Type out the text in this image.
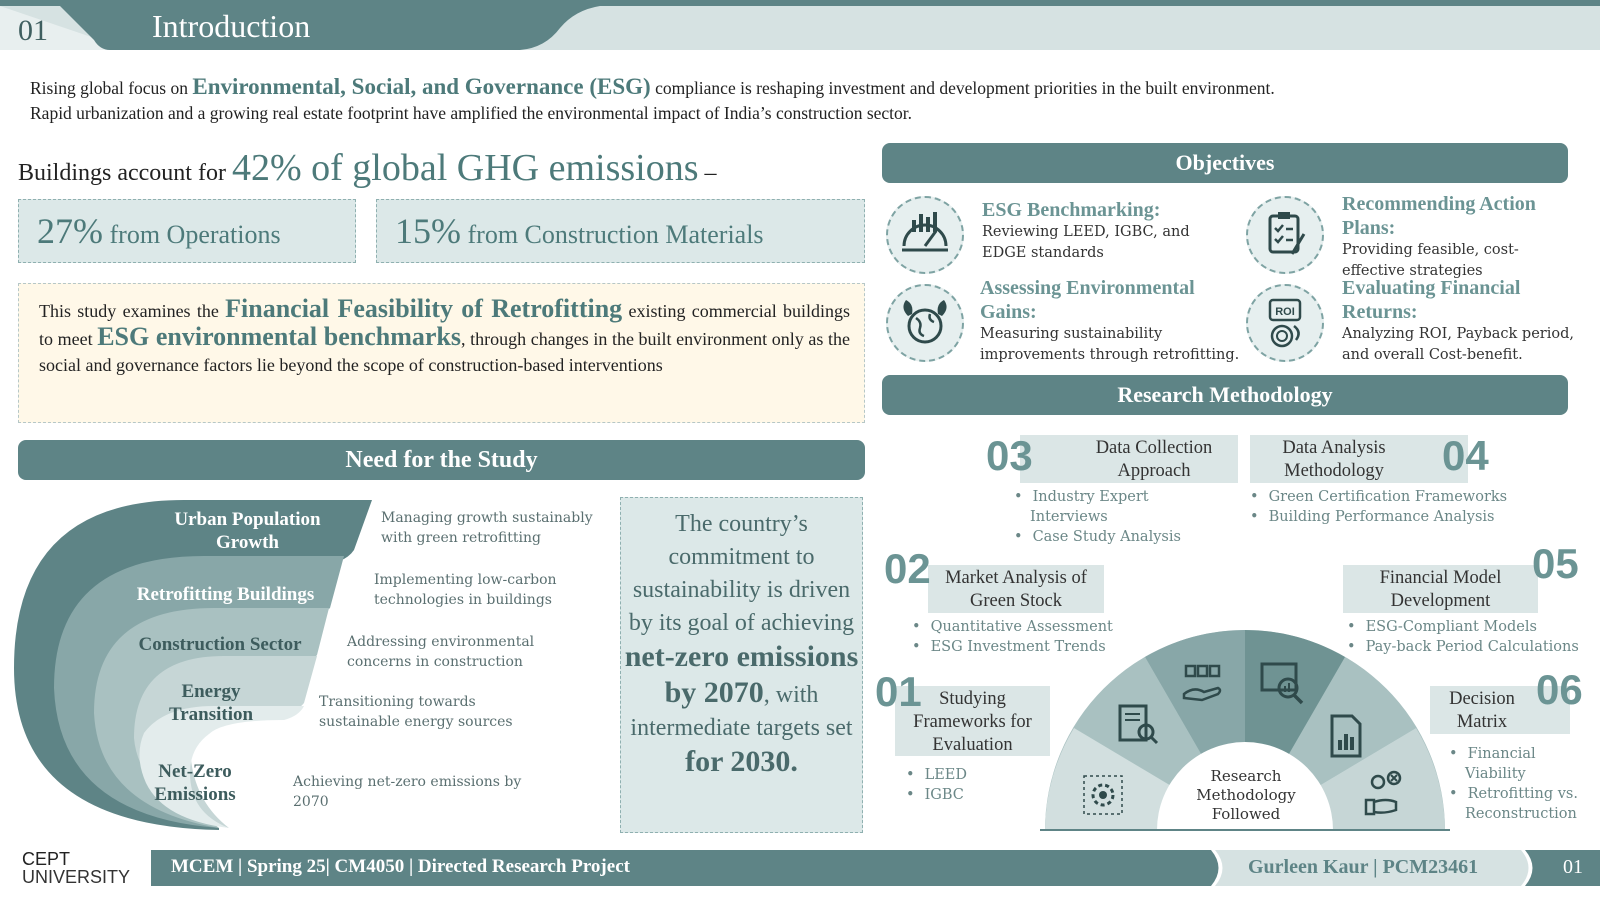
01	Introduction
Rising global focus on Environmental, Social, and Governance (ESG) compliance is reshaping investment and development priorities in the built environment.
Rapid urbanization and a growing real estate footprint have amplified the environmental impact of India’s construction sector.
Buildings account for 42% of global GHG emissions –
27% from Operations	15% from Construction Materials
This study examines the Financial Feasibility of Retrofitting existing commercial buildings to meet ESG environmental benchmarks, through changes in the built environment only as the social and governance factors lie beyond the scope of construction-based interventions
Need for the Study
Urban Population Growth
Retrofitting Buildings
Construction Sector
Energy Transition
Net-Zero Emissions
Managing growth sustainably with green retrofitting
Implementing low-carbon technologies in buildings
Addressing environmental concerns in construction
Transitioning towards sustainable energy sources
Achieving net-zero emissions by 2070
The country’s commitment to sustainability is driven by its goal of achieving net-zero emissions by 2070, with intermediate targets set for 2030.
Objectives
ESG Benchmarking:
Reviewing LEED, IGBC, and EDGE standards
Recommending Action Plans:
Providing feasible, cost-effective strategies
Assessing Environmental Gains:
Measuring sustainability improvements through retrofitting.
ROI
Evaluating Financial Returns:
Analyzing ROI, Payback period, and overall Cost-benefit.
Research Methodology
Research Methodology Followed
Data Collection Approach
03
• Industry Expert Interviews
• Case Study Analysis
Data Analysis Methodology	04
• Green Certification Frameworks
• Building Performance Analysis
Market Analysis of Green Stock
02
• Quantitative Assessment
• ESG Investment Trends
Financial Model Development
05
• ESG-Compliant Models
• Pay-back Period Calculations
Studying Frameworks for Evaluation
01
• LEED
• IGBC
Decision Matrix
06
• Financial Viability
• Retrofitting vs. Reconstruction
CEPT
UNIVERSITY MCEM | Spring 25| CM4050 | Directed Research Project	Gurleen Kaur | PCM23461	01
